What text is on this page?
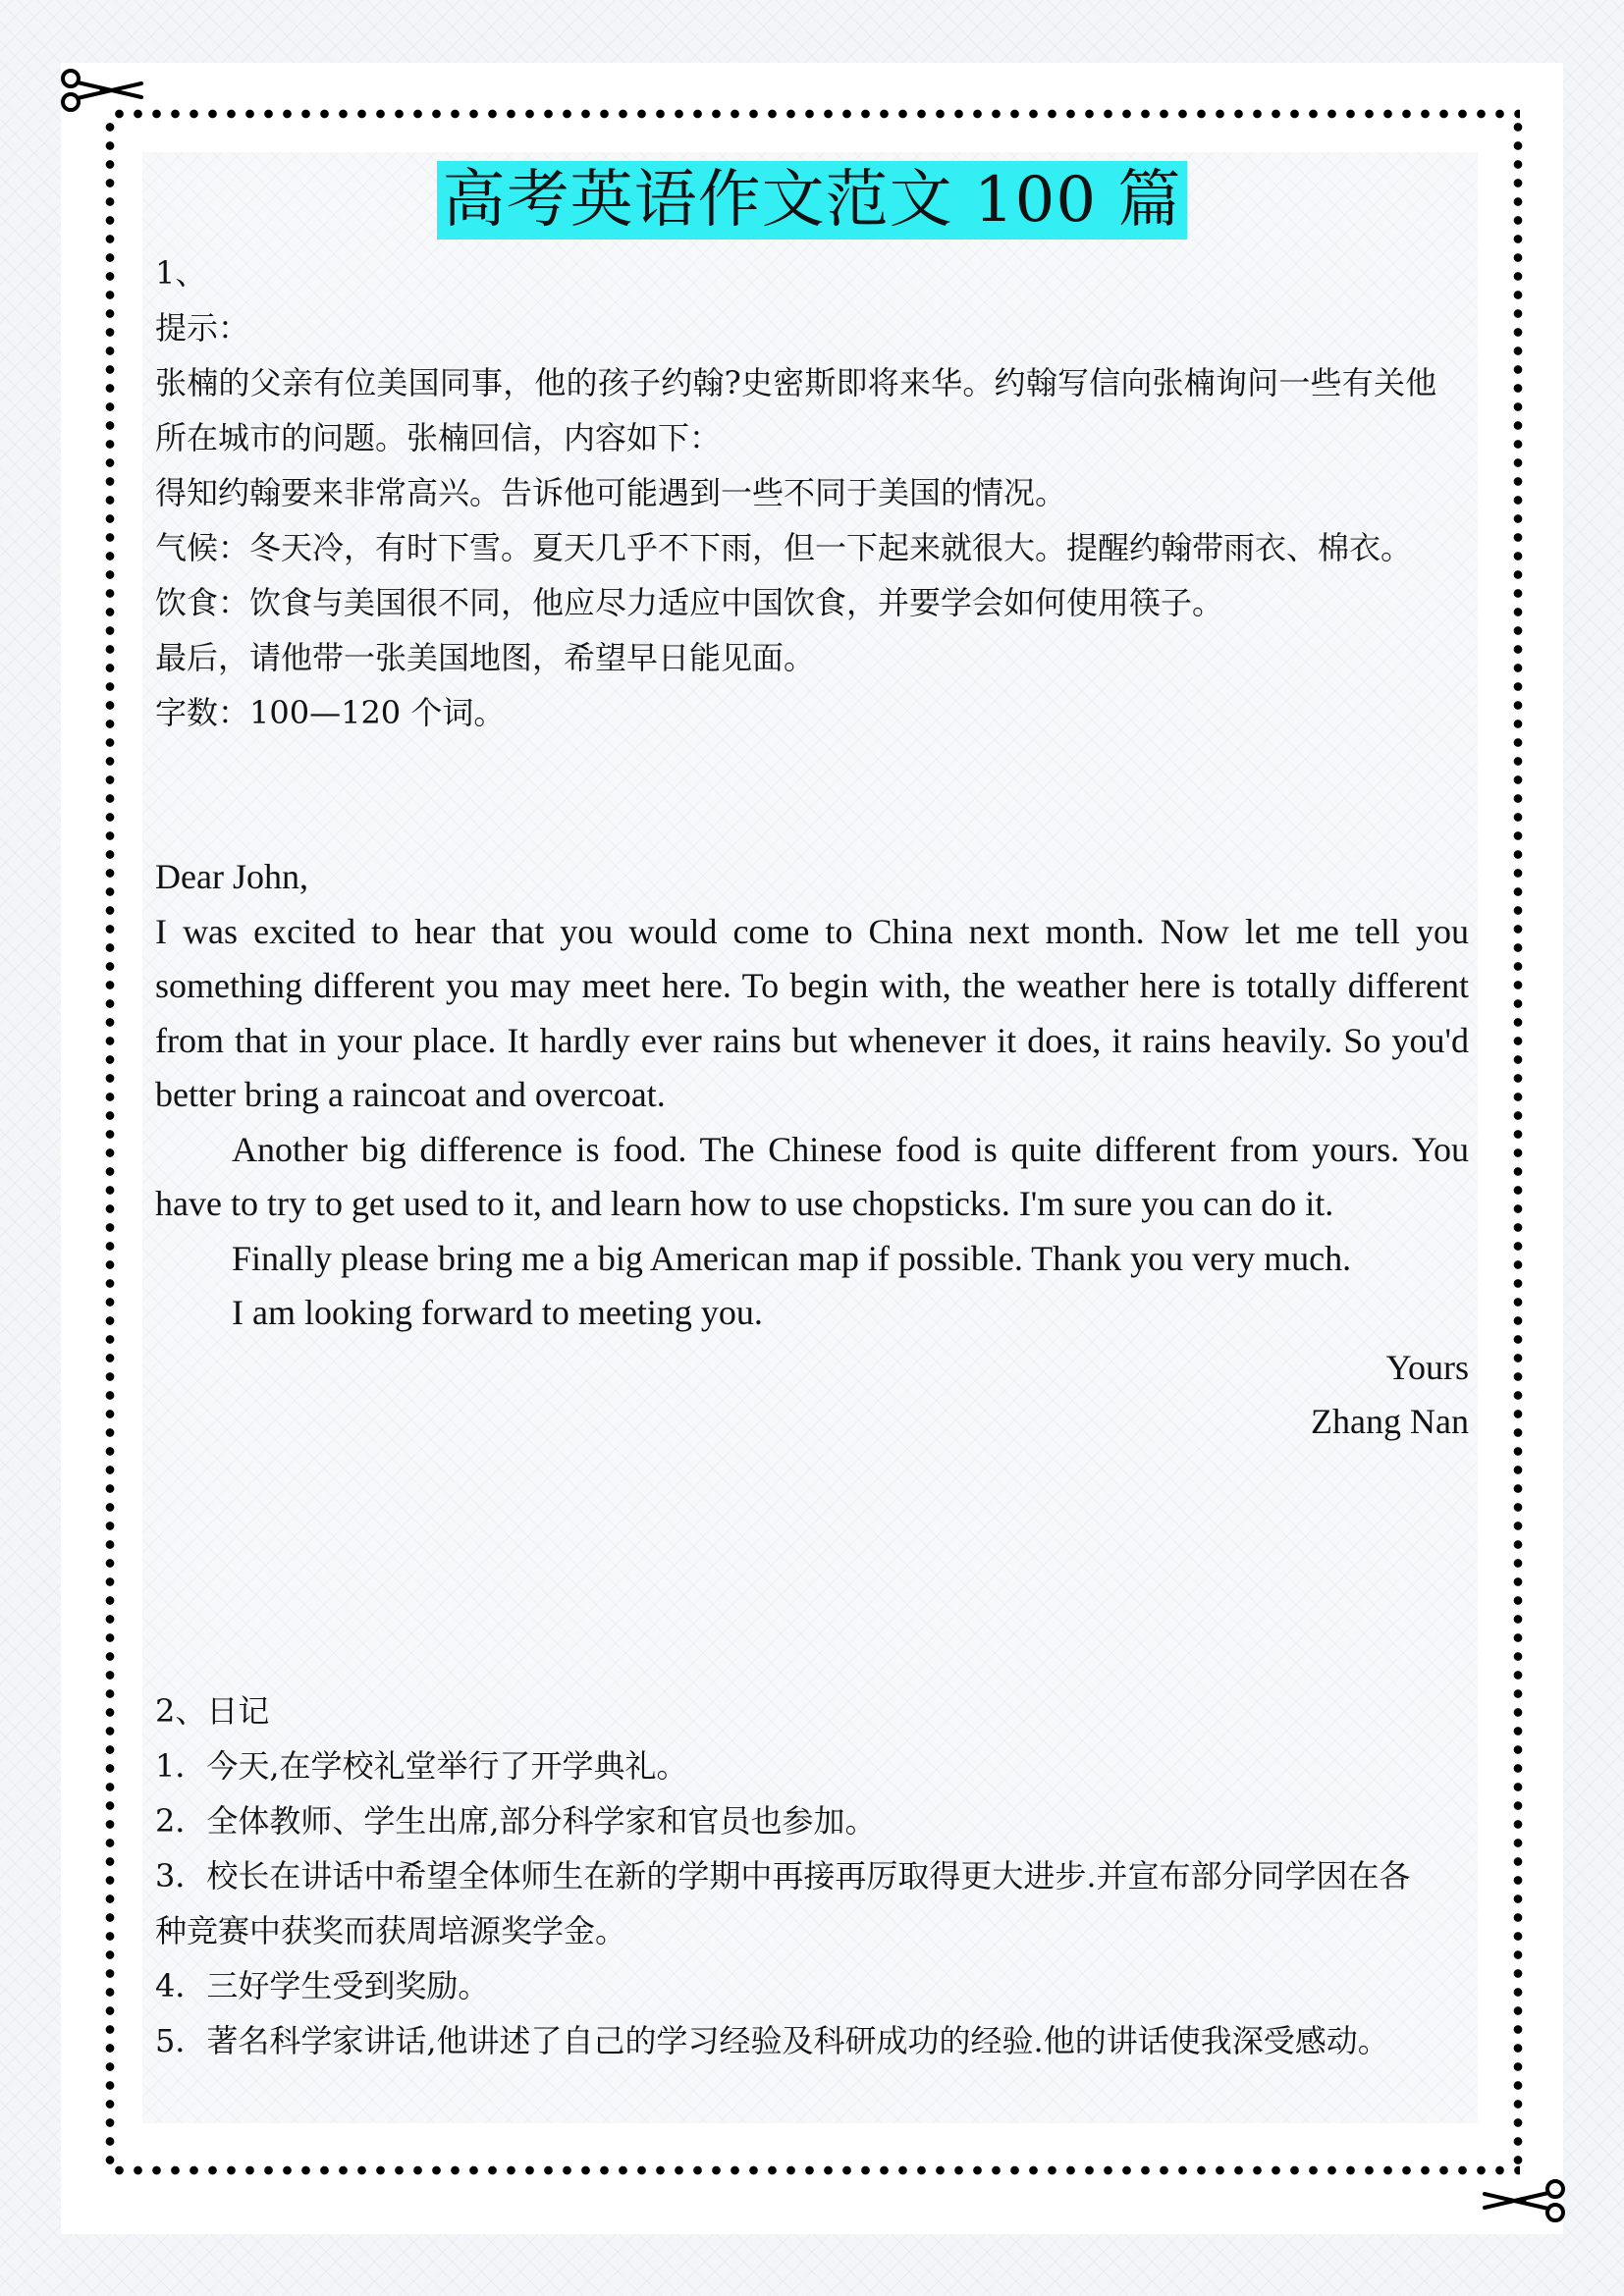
高考英语作文范文 100 篇

1、

提示：

张楠的父亲有位美国同事，他的孩子约翰?史密斯即将来华。约翰写信向张楠询问一些有关他

所在城市的问题。张楠回信，内容如下：

得知约翰要来非常高兴。告诉他可能遇到一些不同于美国的情况。

气候：冬天冷，有时下雪。夏天几乎不下雨，但一下起来就很大。提醒约翰带雨衣、棉衣。

饮食：饮食与美国很不同，他应尽力适应中国饮食，并要学会如何使用筷子。

最后，请他带一张美国地图，希望早日能见面。

字数：100—120 个词。

Dear John,

I was excited to hear that you would come to China next month. Now let me tell you something different you may meet here. To begin with, the weather here is totally different from that in your place. It hardly ever rains but whenever it does, it rains heavily. So you'd better bring a raincoat and overcoat.

Another big difference is food. The Chinese food is quite different from yours. You have to try to get used to it, and learn how to use chopsticks. I'm sure you can do it.

Finally please bring me a big American map if possible. Thank you very much.

I am looking forward to meeting you.

Yours

Zhang Nan

2、日记

1．今天,在学校礼堂举行了开学典礼。

2．全体教师、学生出席,部分科学家和官员也参加。

3．校长在讲话中希望全体师生在新的学期中再接再厉取得更大进步.并宣布部分同学因在各

种竞赛中获奖而获周培源奖学金。

4．三好学生受到奖励。

5．著名科学家讲话,他讲述了自己的学习经验及科研成功的经验.他的讲话使我深受感动。
